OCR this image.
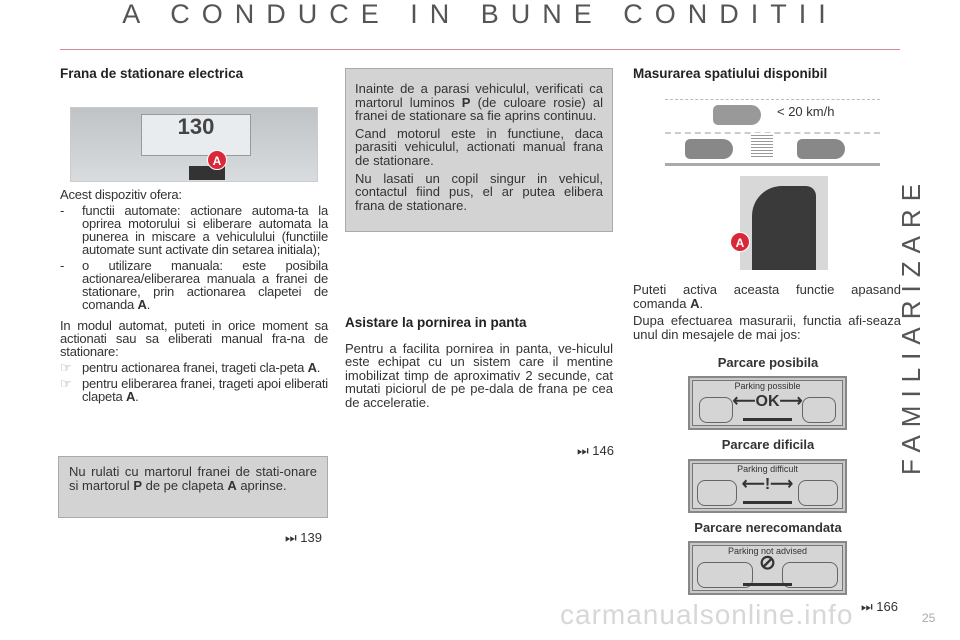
A CONDUCE IN BUNE CONDITII
FAMILIARIZARE
Frana de stationare electrica
130
A

Acest dispozitiv ofera:

-	functii automate: actionare automa-ta la oprirea motorului si eliberare automata la punerea in miscare a vehiculului (functiile automate sunt activate din setarea initiala);
-	o utilizare manuala: este posibila actionarea/eliberarea manuala a franei de stationare, prin actionarea clapetei de comanda A.

In modul automat, puteti in orice moment sa actionati sau sa eliberati manual fra-na de stationare:

☞ pentru actionarea franei, trageti cla-peta A.
☞ pentru eliberarea franei, trageti apoi eliberati clapeta A.

Nu rulati cu martorul franei de stati-onare si martorul P de pe clapeta A aprinse.

⏭ 139

Inainte de a parasi vehiculul, verificati ca martorul luminos P (de culoare rosie) al franei de stationare sa fie aprins continuu.

Cand motorul este in functiune, daca parasiti vehiculul, actionati manual frana de stationare.

Nu lasati un copil singur in vehicul, contactul fiind pus, el ar putea elibera frana de stationare.

Asistare la pornirea in panta

Pentru a facilita pornirea in panta, ve-hiculul este echipat cu un sistem care il mentine imobilizat timp de aproximativ 2 secunde, cat mutati piciorul de pe pe-dala de frana pe cea de acceleratie.

⏭ 146
Masurarea spatiului disponibil
< 20 km/h
A

Puteti activa aceasta functie apasand comanda A.

Dupa efectuarea masurarii, functia afi-seaza unul din mesajele de mai jos:

Parcare posibila
Parking possible
⟵OK⟶
Parcare dificila
Parking difficult
⟵!⟶
Parcare nerecomandata
Parking not advised
⊘
⏭ 166
carmanualsonline.info	25
